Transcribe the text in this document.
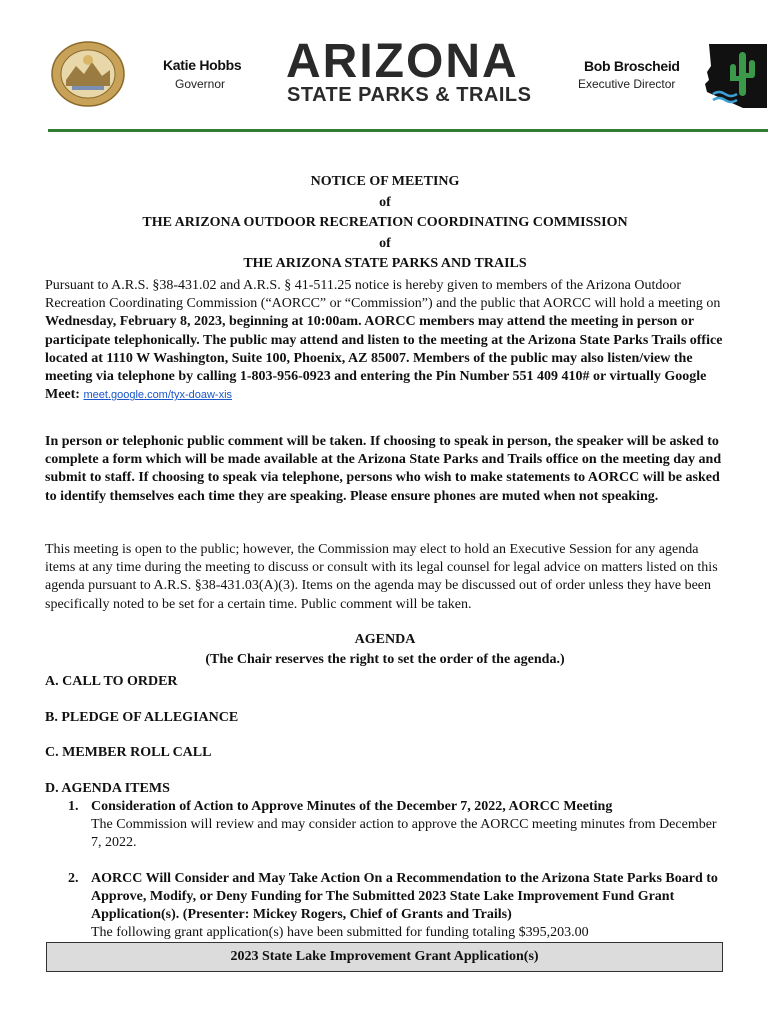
Katie Hobbs
Governor ARIZONA
STATE PARKS & TRAILS
Bob Broscheid
Executive Director
NOTICE OF MEETING
of
THE ARIZONA OUTDOOR RECREATION COORDINATING COMMISSION
of
THE ARIZONA STATE PARKS AND TRAILS
Pursuant to A.R.S. §38-431.02 and A.R.S. § 41-511.25 notice is hereby given to members of the Arizona Outdoor Recreation Coordinating Commission (“AORCC” or “Commission”) and the public that AORCC will hold a meeting on Wednesday, February 8, 2023, beginning at 10:00am. AORCC members may attend the meeting in person or participate telephonically. The public may attend and listen to the meeting at the Arizona State Parks Trails office located at 1110 W Washington, Suite 100, Phoenix, AZ 85007. Members of the public may also listen/view the meeting via telephone by calling 1-803-956-0923 and entering the Pin Number 551 409 410# or virtually Google Meet: meet.google.com/tyx-doaw-xis
In person or telephonic public comment will be taken. If choosing to speak in person, the speaker will be asked to complete a form which will be made available at the Arizona State Parks and Trails office on the meeting day and submit to staff. If choosing to speak via telephone, persons who wish to make statements to AORCC will be asked to identify themselves each time they are speaking. Please ensure phones are muted when not speaking.
This meeting is open to the public; however, the Commission may elect to hold an Executive Session for any agenda items at any time during the meeting to discuss or consult with its legal counsel for legal advice on matters listed on this agenda pursuant to A.R.S. §38-431.03(A)(3). Items on the agenda may be discussed out of order unless they have been specifically noted to be set for a certain time. Public comment will be taken.
AGENDA
(The Chair reserves the right to set the order of the agenda.)
A. CALL TO ORDER
B. PLEDGE OF ALLEGIANCE
C. MEMBER ROLL CALL
D. AGENDA ITEMS
1. Consideration of Action to Approve Minutes of the December 7, 2022, AORCC Meeting
The Commission will review and may consider action to approve the AORCC meeting minutes from December 7, 2022.
2. AORCC Will Consider and May Take Action On a Recommendation to the Arizona State Parks Board to Approve, Modify, or Deny Funding for The Submitted 2023 State Lake Improvement Fund Grant Application(s). (Presenter: Mickey Rogers, Chief of Grants and Trails)
The following grant application(s) have been submitted for funding totaling $395,203.00
2023 State Lake Improvement Grant Application(s)
